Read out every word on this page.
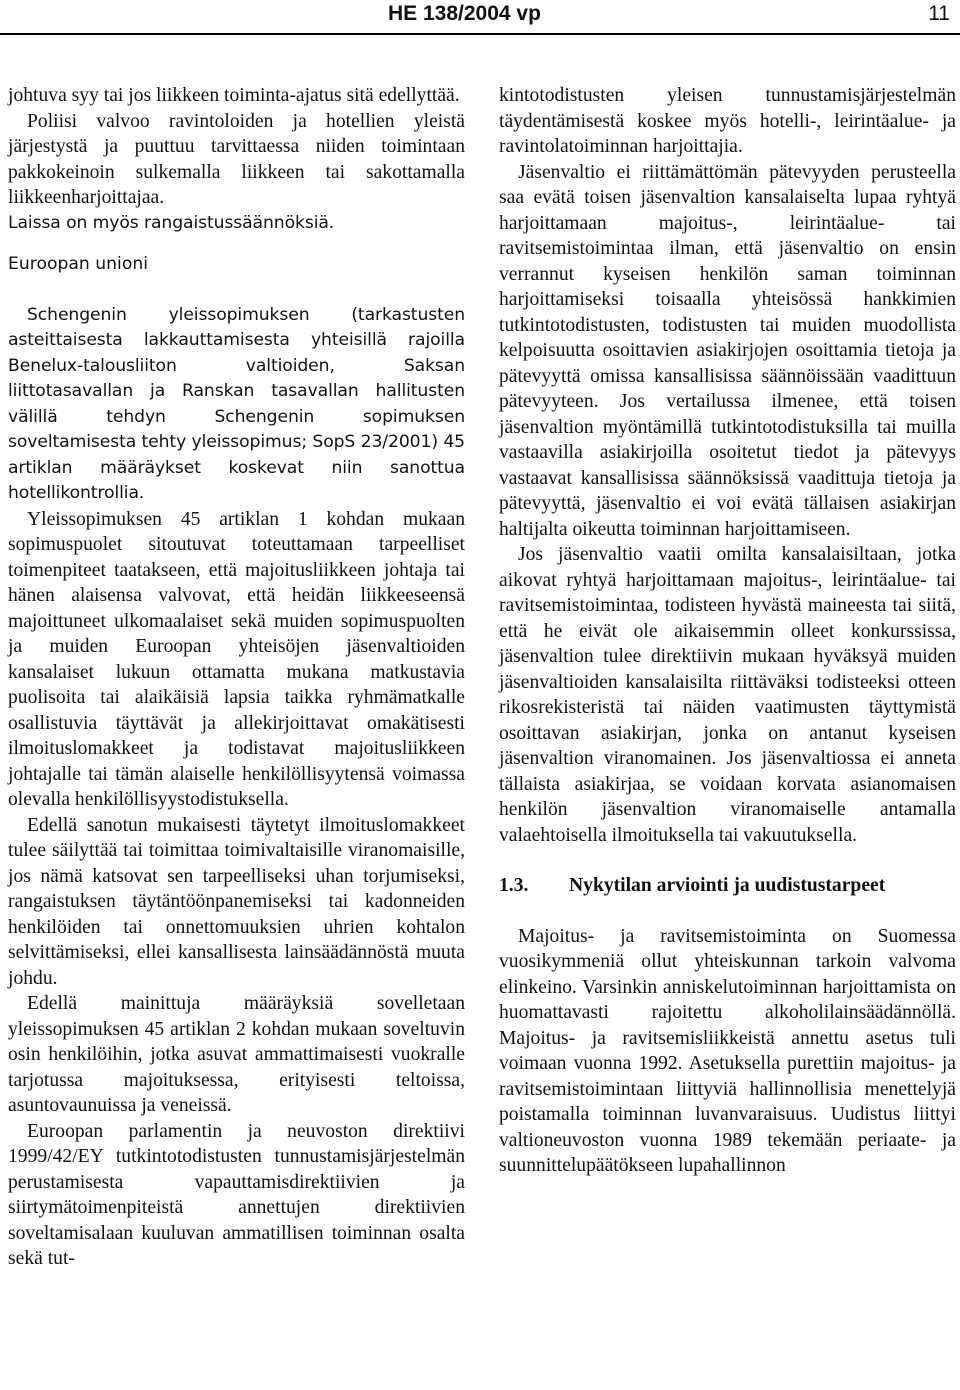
HE 138/2004 vp	11

johtuva syy tai jos liikkeen toiminta-ajatus sitä edellyttää.

Poliisi valvoo ravintoloiden ja hotellien yleistä järjestystä ja puuttuu tarvittaessa niiden toimintaan pakkokeinoin sulkemalla liikkeen tai sakottamalla liikkeenharjoittajaa.

Laissa on myös rangaistussäännöksiä.

Euroopan unioni

Schengenin yleissopimuksen (tarkastusten asteittaisesta lakkauttamisesta yhteisillä rajoilla Benelux-talousliiton valtioiden, Saksan liittotasavallan ja Ranskan tasavallan hallitusten välillä tehdyn Schengenin sopimuksen soveltamisesta tehty yleissopimus; SopS 23/2001) 45 artiklan määräykset koskevat niin sanottua hotellikontrollia.

Yleissopimuksen 45 artiklan 1 kohdan mukaan sopimuspuolet sitoutuvat toteuttamaan tarpeelliset toimenpiteet taatakseen, että majoitusliikkeen johtaja tai hänen alaisensa valvovat, että heidän liikkeeseensä majoittuneet ulkomaalaiset sekä muiden sopimuspuolten ja muiden Euroopan yhteisöjen jäsenvaltioiden kansalaiset lukuun ottamatta mukana matkustavia puolisoita tai alaikäisiä lapsia taikka ryhmämatkalle osallistuvia täyttävät ja allekirjoittavat omakätisesti ilmoituslomakkeet ja todistavat majoitusliikkeen johtajalle tai tämän alaiselle henkilöllisyytensä voimassa olevalla henkilöllisyystodistuksella.

Edellä sanotun mukaisesti täytetyt ilmoituslomakkeet tulee säilyttää tai toimittaa toimivaltaisille viranomaisille, jos nämä katsovat sen tarpeelliseksi uhan torjumiseksi, rangaistuksen täytäntöönpanemiseksi tai kadonneiden henkilöiden tai onnettomuuksien uhrien kohtalon selvittämiseksi, ellei kansallisesta lainsäädännöstä muuta johdu.

Edellä mainittuja määräyksiä sovelletaan yleissopimuksen 45 artiklan 2 kohdan mukaan soveltuvin osin henkilöihin, jotka asuvat ammattimaisesti vuokralle tarjotussa majoituksessa, erityisesti teltoissa, asuntovaunuissa ja veneissä.

Euroopan parlamentin ja neuvoston direktiivi 1999/42/EY tutkintotodistusten tunnustamisjärjestelmän perustamisesta vapauttamisdirektiivien ja siirtymätoimenpiteistä annettujen direktiivien soveltamisalaan kuuluvan ammatillisen toiminnan osalta sekä tut-

kintotodistusten yleisen tunnustamisjärjestelmän täydentämisestä koskee myös hotelli-, leirintäalue- ja ravintolatoiminnan harjoittajia.

Jäsenvaltio ei riittämättömän pätevyyden perusteella saa evätä toisen jäsenvaltion kansalaiselta lupaa ryhtyä harjoittamaan majoitus-, leirintäalue- tai ravitsemistoimintaa ilman, että jäsenvaltio on ensin verrannut kyseisen henkilön saman toiminnan harjoittamiseksi toisaalla yhteisössä hankkimien tutkintotodistusten, todistusten tai muiden muodollista kelpoisuutta osoittavien asiakirjojen osoittamia tietoja ja pätevyyttä omissa kansallisissa säännöissään vaadittuun pätevyyteen. Jos vertailussa ilmenee, että toisen jäsenvaltion myöntämillä tutkintotodistuksilla tai muilla vastaavilla asiakirjoilla osoitetut tiedot ja pätevyys vastaavat kansallisissa säännöksissä vaadittuja tietoja ja pätevyyttä, jäsenvaltio ei voi evätä tällaisen asiakirjan haltijalta oikeutta toiminnan harjoittamiseen.

Jos jäsenvaltio vaatii omilta kansalaisiltaan, jotka aikovat ryhtyä harjoittamaan majoitus-, leirintäalue- tai ravitsemistoimintaa, todisteen hyvästä maineesta tai siitä, että he eivät ole aikaisemmin olleet konkurssissa, jäsenvaltion tulee direktiivin mukaan hyväksyä muiden jäsenvaltioiden kansalaisilta riittäväksi todisteeksi otteen rikosrekisteristä tai näiden vaatimusten täyttymistä osoittavan asiakirjan, jonka on antanut kyseisen jäsenvaltion viranomainen. Jos jäsenvaltiossa ei anneta tällaista asiakirjaa, se voidaan korvata asianomaisen henkilön jäsenvaltion viranomaiselle antamalla valaehtoisella ilmoituksella tai vakuutuksella.

1.3.	Nykytilan arviointi ja uudistustarpeet

Majoitus- ja ravitsemistoiminta on Suomessa vuosikymmeniä ollut yhteiskunnan tarkoin valvoma elinkeino. Varsinkin anniskelutoiminnan harjoittamista on huomattavasti rajoitettu alkoholilainsäädännöllä. Majoitus- ja ravitsemisliikkeistä annettu asetus tuli voimaan vuonna 1992. Asetuksella purettiin majoitus- ja ravitsemistoimintaan liittyviä hallinnollisia menettelyjä poistamalla toiminnan luvanvaraisuus. Uudistus liittyi valtioneuvoston vuonna 1989 tekemään periaate- ja suunnittelupäätökseen lupahallinnon
